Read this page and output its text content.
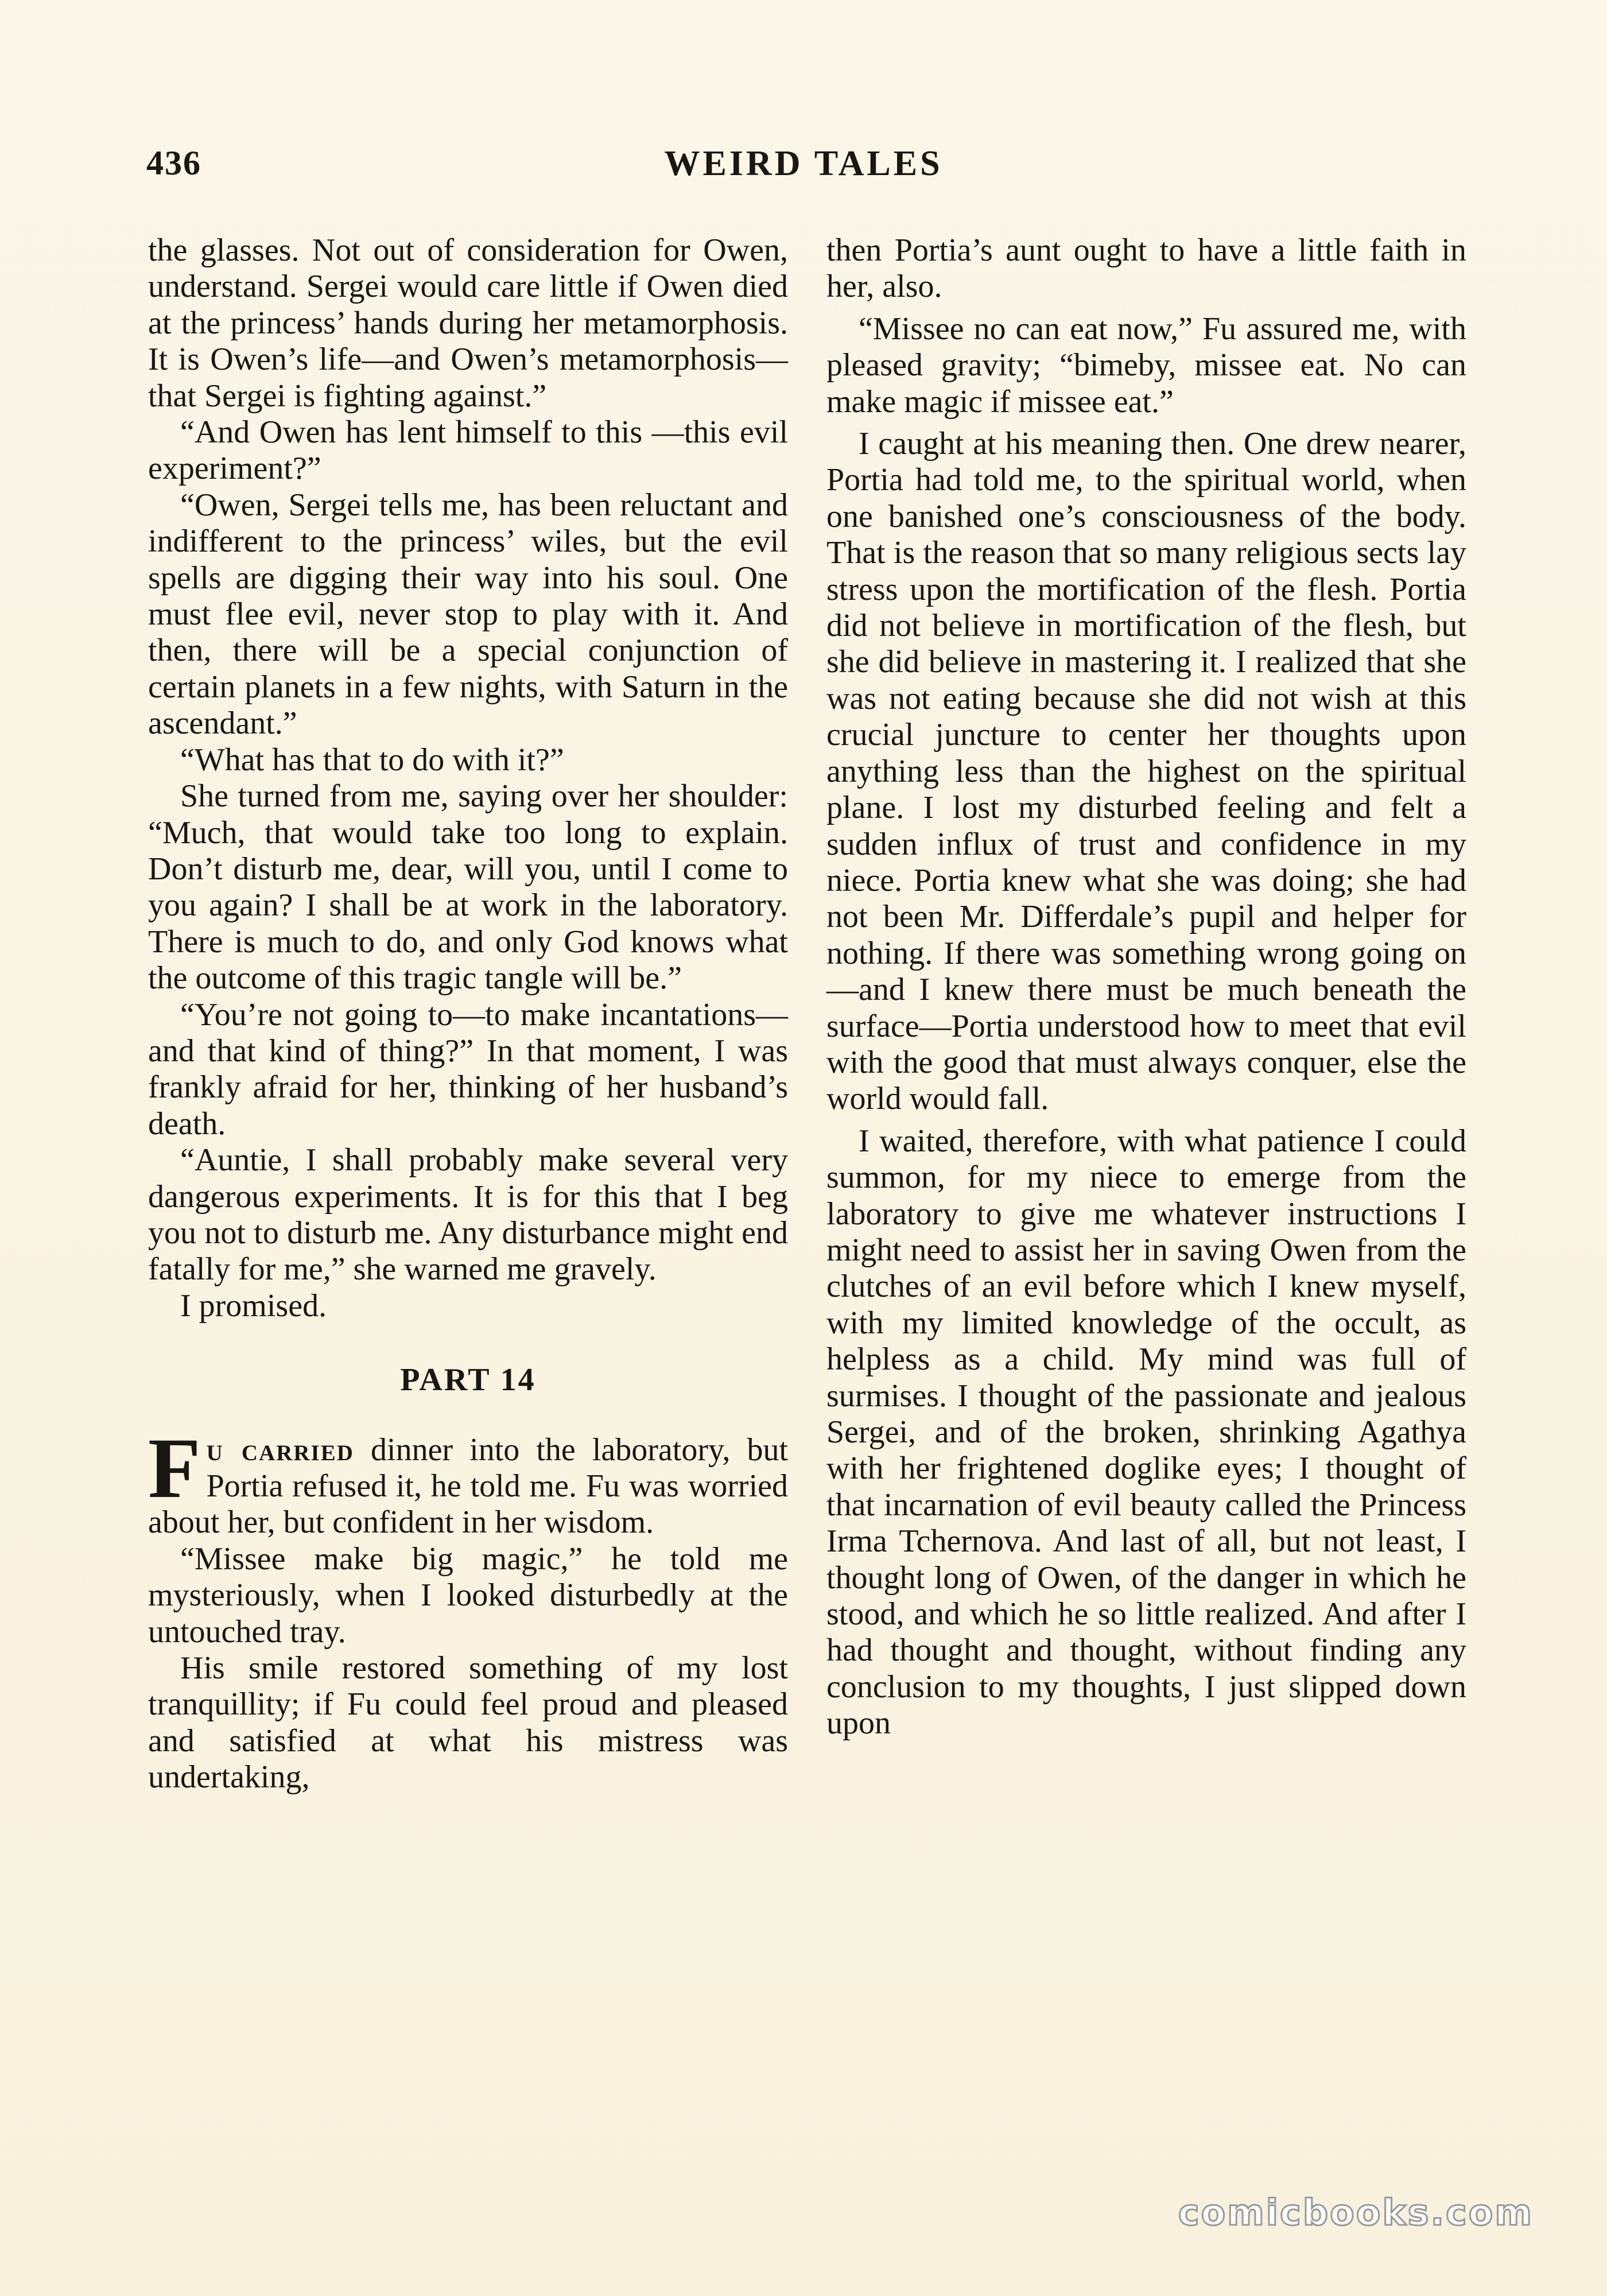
436	WEIRD TALES

the glasses. Not out of consideration for Owen, understand. Sergei would care little if Owen died at the princess’ hands during her metamorphosis. It is Owen’s life—and Owen’s metamorphosis—that Sergei is fighting against.”

“And Owen has lent himself to this —this evil experiment?”

“Owen, Sergei tells me, has been reluctant and indifferent to the princess’ wiles, but the evil spells are digging their way into his soul. One must flee evil, never stop to play with it. And then, there will be a special conjunction of certain planets in a few nights, with Saturn in the ascendant.”

“What has that to do with it?”

She turned from me, saying over her shoulder: “Much, that would take too long to explain. Don’t disturb me, dear, will you, until I come to you again? I shall be at work in the laboratory. There is much to do, and only God knows what the outcome of this tragic tangle will be.”

“You’re not going to—to make incantations—and that kind of thing?” In that moment, I was frankly afraid for her, thinking of her husband’s death.

“Auntie, I shall probably make several very dangerous experiments. It is for this that I beg you not to disturb me. Any disturbance might end fatally for me,” she warned me gravely.

I promised.

PART 14

Fu carried dinner into the laboratory, but Portia refused it, he told me. Fu was worried about her, but confident in her wisdom.

“Missee make big magic,” he told me mysteriously, when I looked disturbedly at the untouched tray.

His smile restored something of my lost tranquillity; if Fu could feel proud and pleased and satisfied at what his mistress was undertaking,

then Portia’s aunt ought to have a little faith in her, also.

“Missee no can eat now,” Fu assured me, with pleased gravity; “bimeby, missee eat. No can make magic if missee eat.”

I caught at his meaning then. One drew nearer, Portia had told me, to the spiritual world, when one banished one’s consciousness of the body. That is the reason that so many religious sects lay stress upon the mortification of the flesh. Portia did not believe in mortification of the flesh, but she did believe in mastering it. I realized that she was not eating because she did not wish at this crucial juncture to center her thoughts upon anything less than the highest on the spiritual plane. I lost my disturbed feeling and felt a sudden influx of trust and confidence in my niece. Portia knew what she was doing; she had not been Mr. Differdale’s pupil and helper for nothing. If there was something wrong going on—and I knew there must be much beneath the surface—Portia understood how to meet that evil with the good that must always conquer, else the world would fall.

I waited, therefore, with what patience I could summon, for my niece to emerge from the laboratory to give me whatever instructions I might need to assist her in saving Owen from the clutches of an evil before which I knew myself, with my limited knowledge of the occult, as helpless as a child. My mind was full of surmises. I thought of the passionate and jealous Sergei, and of the broken, shrinking Agathya with her frightened doglike eyes; I thought of that incarnation of evil beauty called the Princess Irma Tchernova. And last of all, but not least, I thought long of Owen, of the danger in which he stood, and which he so little realized. And after I had thought and thought, without finding any conclusion to my thoughts, I just slipped down upon

comicbooks.com
